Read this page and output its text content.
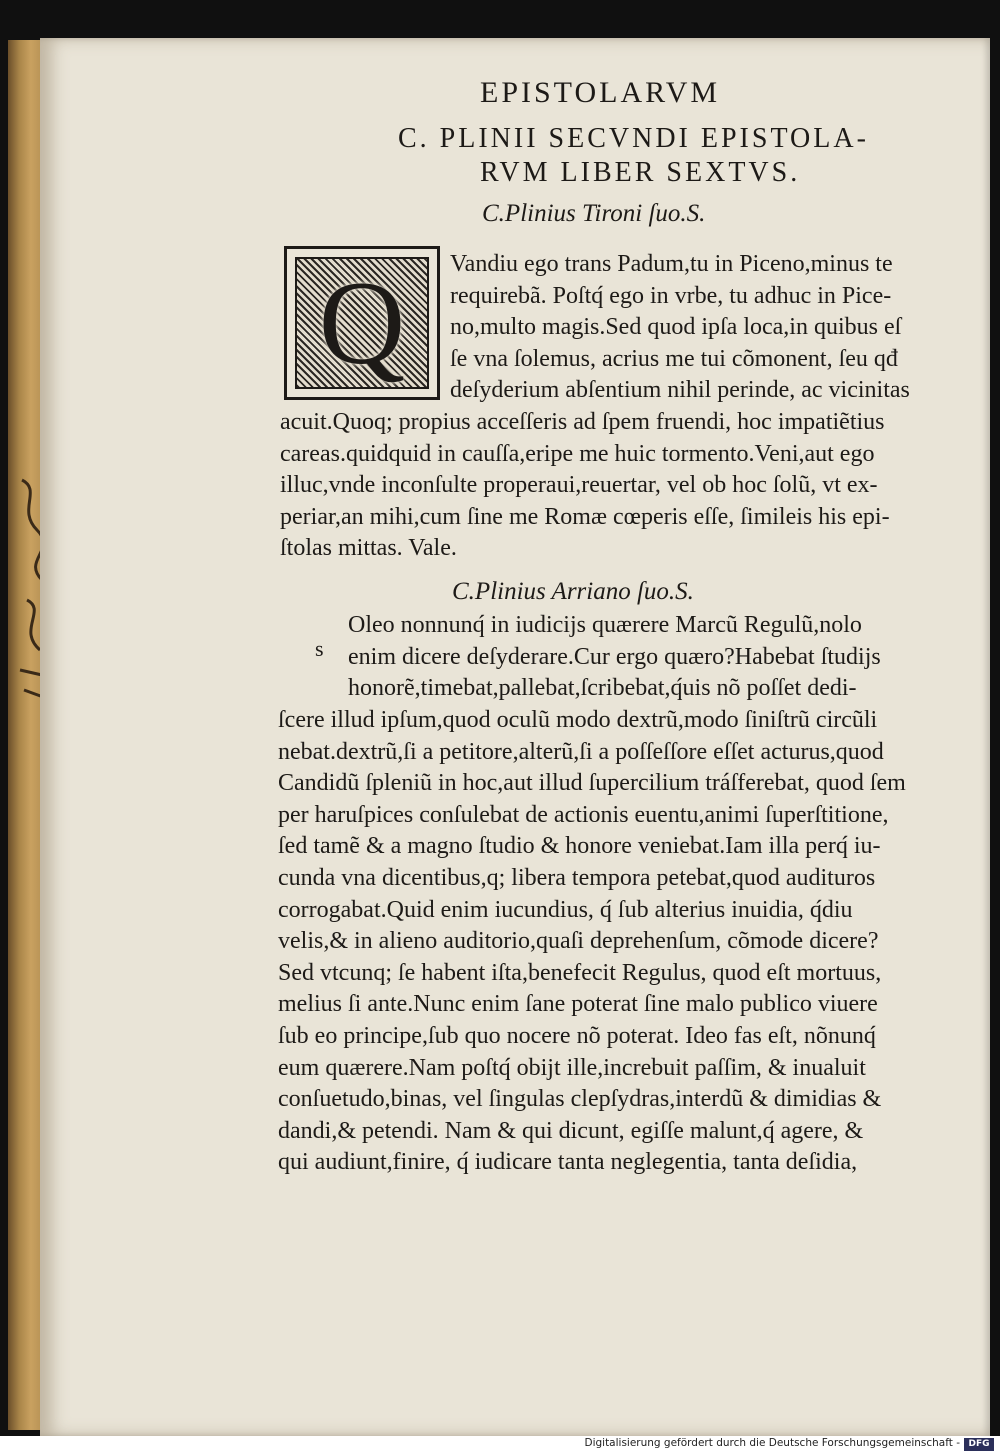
EPISTOLARVM
C. PLINII SECVNDI EPISTOLA-
RVM LIBER SEXTVS.
C.Plinius Tironi ſuo.S.
Q	Vandiu ego trans Padum,tu in Piceno,minus te
requirebã. Poſtq́ ego in vrbe, tu adhuc in Pice-
no,multo magis.Sed quod ipſa loca,in quibus eſ
ſe vna ſolemus, acrius me tui cõmonent, ſeu qđ
deſyderium abſentium nihil perinde, ac vicinitas
acuit.Quoq; propius acceſſeris ad ſpem fruendi, hoc impatiẽtius
careas.quidquid in cauſſa,eripe me huic tormento.Veni,aut ego
illuc,vnde inconſulte properaui,reuertar, vel ob hoc ſolũ, vt ex-
periar,an mihi,cum ſine me Romæ cœperis eſſe, ſimileis his epi-
ſtolas mittas. Vale.
C.Plinius Arriano ſuo.S.
s
Oleo nonnunq́ in iudicijs quærere Marcũ Regulũ,nolo
enim dicere deſyderare.Cur ergo quæro?Habebat ſtudijs
honorẽ,timebat,pallebat,ſcribebat,q́uis nõ poſſet dedi-
ſcere illud ipſum,quod oculũ modo dextrũ,modo ſiniſtrũ circũli
nebat.dextrũ,ſi a petitore,alterũ,ſi a poſſeſſore eſſet acturus,quod
Candidũ ſpleniũ in hoc,aut illud ſupercilium tráſferebat, quod ſem
per haruſpices conſulebat de actionis euentu,animi ſuperſtitione,
ſed tamẽ & a magno ſtudio & honore veniebat.Iam illa perq́ iu-
cunda vna dicentibus,q; libera tempora petebat,quod audituros
corrogabat.Quid enim iucundius, q́ ſub alterius inuidia, q́diu
velis,& in alieno auditorio,quaſi deprehenſum, cõmode dicere?
Sed vtcunq; ſe habent iſta,benefecit Regulus, quod eſt mortuus,
melius ſi ante.Nunc enim ſane poterat ſine malo publico viuere
ſub eo principe,ſub quo nocere nõ poterat. Ideo fas eſt, nõnunq́
eum quærere.Nam poſtq́ obijt ille,increbuit paſſim, & inualuit
conſuetudo,binas, vel ſingulas clepſydras,interdũ & dimidias &
dandi,& petendi. Nam & qui dicunt, egiſſe malunt,q́ agere, &
qui audiunt,finire, q́ iudicare tanta neglegentia, tanta deſidia,
Digitalisierung gefördert durch die Deutsche Forschungsgemeinschaft - DFG
